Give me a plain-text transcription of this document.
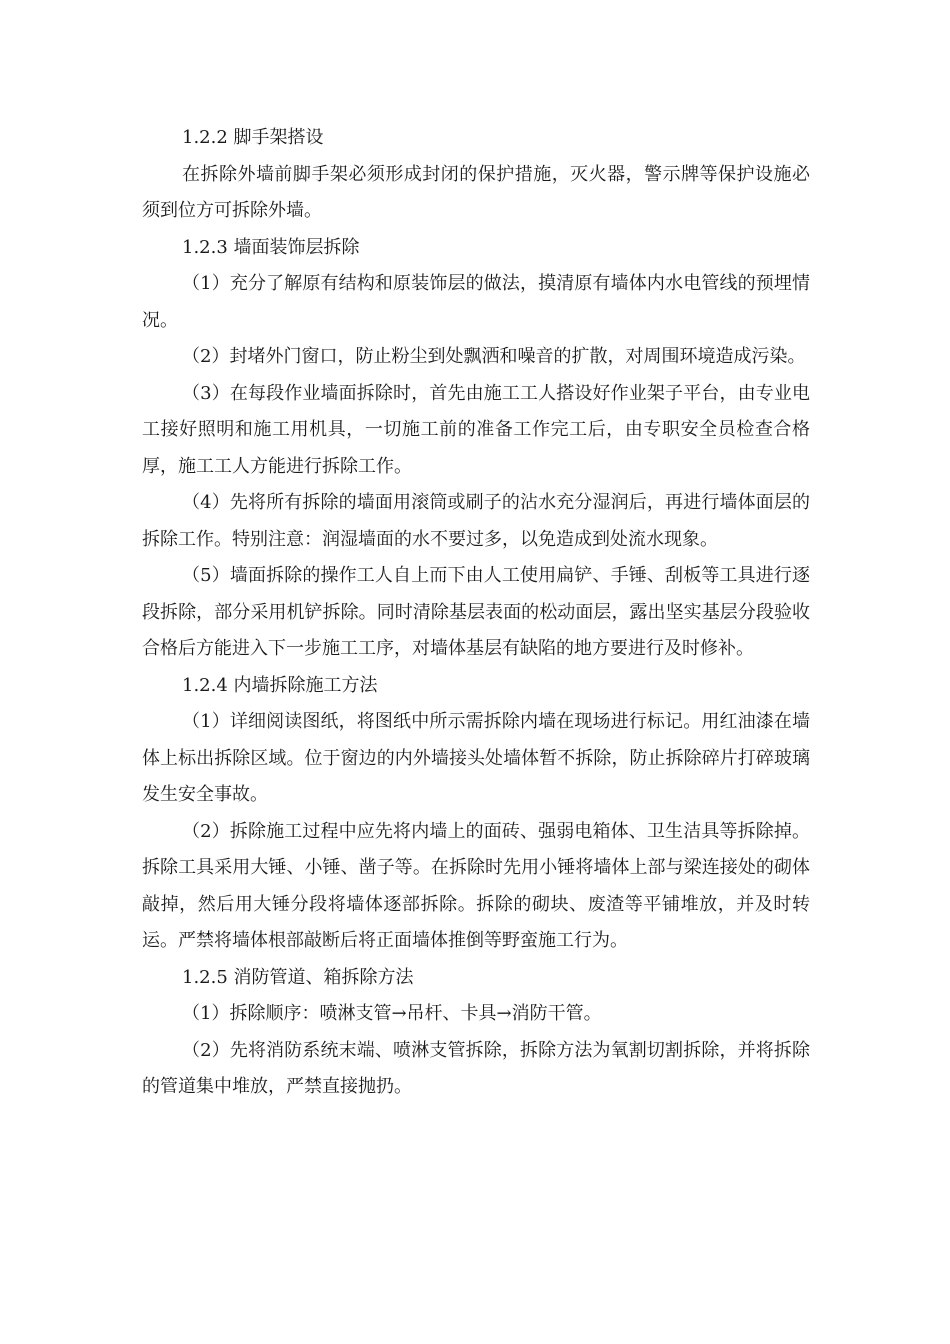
1.2.2 脚手架搭设

在拆除外墙前脚手架必须形成封闭的保护措施，灭火器，警示牌等保护设施必须到位方可拆除外墙。

1.2.3 墙面装饰层拆除

（1）充分了解原有结构和原装饰层的做法，摸清原有墙体内水电管线的预埋情况。

（2）封堵外门窗口，防止粉尘到处飘洒和噪音的扩散，对周围环境造成污染。

（3）在每段作业墙面拆除时，首先由施工工人搭设好作业架子平台，由专业电工接好照明和施工用机具，一切施工前的准备工作完工后，由专职安全员检查合格厚，施工工人方能进行拆除工作。

（4）先将所有拆除的墙面用滚筒或刷子的沾水充分湿润后，再进行墙体面层的拆除工作。特别注意：润湿墙面的水不要过多，以免造成到处流水现象。

（5）墙面拆除的操作工人自上而下由人工使用扁铲、手锤、刮板等工具进行逐段拆除，部分采用机铲拆除。同时清除基层表面的松动面层，露出坚实基层分段验收合格后方能进入下一步施工工序，对墙体基层有缺陷的地方要进行及时修补。

1.2.4 内墙拆除施工方法

（1）详细阅读图纸，将图纸中所示需拆除内墙在现场进行标记。用红油漆在墙体上标出拆除区域。位于窗边的内外墙接头处墙体暂不拆除，防止拆除碎片打碎玻璃发生安全事故。

（2）拆除施工过程中应先将内墙上的面砖、强弱电箱体、卫生洁具等拆除掉。拆除工具采用大锤、小锤、凿子等。在拆除时先用小锤将墙体上部与梁连接处的砌体敲掉，然后用大锤分段将墙体逐部拆除。拆除的砌块、废渣等平铺堆放，并及时转运。严禁将墙体根部敲断后将正面墙体推倒等野蛮施工行为。

1.2.5 消防管道、箱拆除方法

（1）拆除顺序：喷淋支管→吊杆、卡具→消防干管。

（2）先将消防系统末端、喷淋支管拆除，拆除方法为氧割切割拆除，并将拆除的管道集中堆放，严禁直接抛扔。
